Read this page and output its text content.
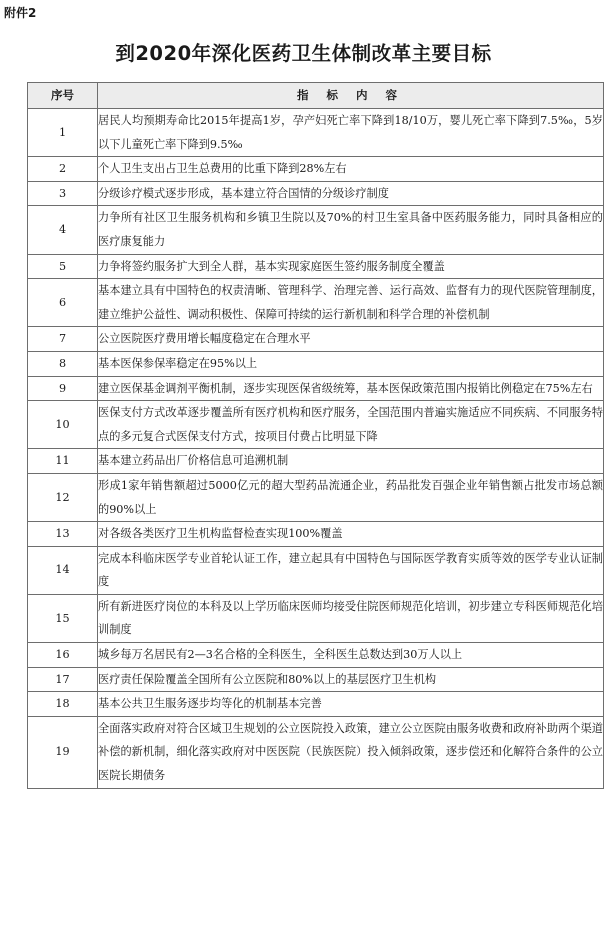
附件2
到2020年深化医药卫生体制改革主要目标
序号	指 标 内 容
1	居民人均预期寿命比2015年提高1岁，孕产妇死亡率下降到18/10万，婴儿死亡率下降到7.5‰，5岁以下儿童死亡率下降到9.5‰
2	个人卫生支出占卫生总费用的比重下降到28%左右
3	分级诊疗模式逐步形成，基本建立符合国情的分级诊疗制度
4	力争所有社区卫生服务机构和乡镇卫生院以及70%的村卫生室具备中医药服务能力，同时具备相应的医疗康复能力
5	力争将签约服务扩大到全人群，基本实现家庭医生签约服务制度全覆盖
6	基本建立具有中国特色的权责清晰、管理科学、治理完善、运行高效、监督有力的现代医院管理制度，建立维护公益性、调动积极性、保障可持续的运行新机制和科学合理的补偿机制
7	公立医院医疗费用增长幅度稳定在合理水平
8	基本医保参保率稳定在95%以上
9	建立医保基金调剂平衡机制，逐步实现医保省级统筹，基本医保政策范围内报销比例稳定在75%左右
10	医保支付方式改革逐步覆盖所有医疗机构和医疗服务，全国范围内普遍实施适应不同疾病、不同服务特点的多元复合式医保支付方式，按项目付费占比明显下降
11	基本建立药品出厂价格信息可追溯机制
12	形成1家年销售额超过5000亿元的超大型药品流通企业，药品批发百强企业年销售额占批发市场总额的90%以上
13	对各级各类医疗卫生机构监督检查实现100%覆盖
14	完成本科临床医学专业首轮认证工作，建立起具有中国特色与国际医学教育实质等效的医学专业认证制度
15	所有新进医疗岗位的本科及以上学历临床医师均接受住院医师规范化培训，初步建立专科医师规范化培训制度
16	城乡每万名居民有2—3名合格的全科医生，全科医生总数达到30万人以上
17	医疗责任保险覆盖全国所有公立医院和80%以上的基层医疗卫生机构
18	基本公共卫生服务逐步均等化的机制基本完善
19	全面落实政府对符合区域卫生规划的公立医院投入政策，建立公立医院由服务收费和政府补助两个渠道补偿的新机制，细化落实政府对中医医院（民族医院）投入倾斜政策，逐步偿还和化解符合条件的公立医院长期债务
